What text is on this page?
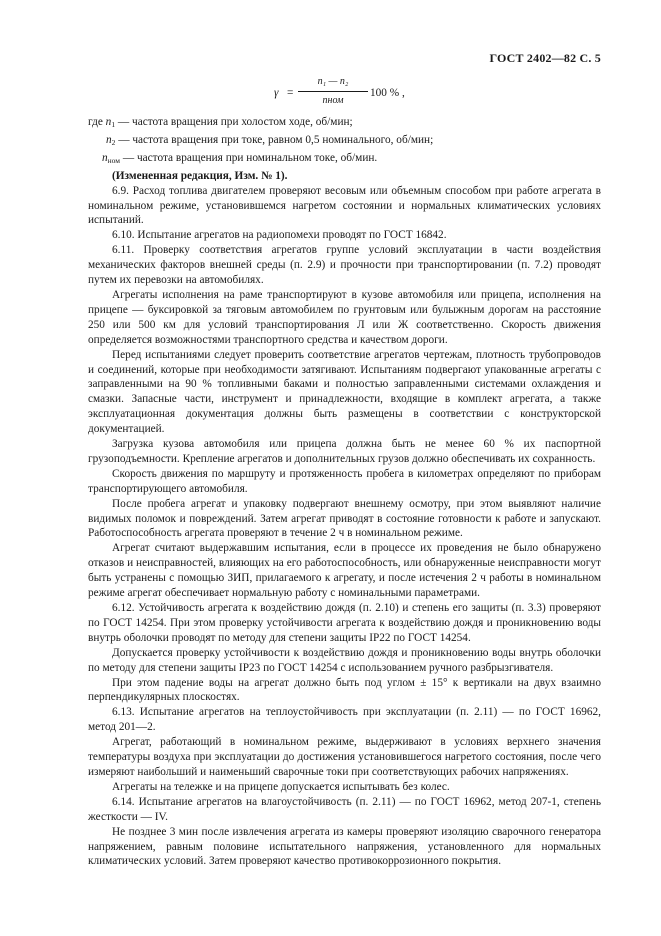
ГОСТ 2402—82 С. 5
γ =
n₁ — n₂
nном
100 % ,
где $n_1$ — частота вращения при холостом ходе, об/мин;
$n_2$ — частота вращения при токе, равном 0,5 номинального, об/мин;
$n_{ном}$ — частота вращения при номинальном токе, об/мин.

(Измененная редакция, Изм. № 1).

6.9. Расход топлива двигателем проверяют весовым или объемным способом при работе агрегата в номинальном режиме, установившемся нагретом состоянии и нормальных климатических условиях испытаний.

6.10. Испытание агрегатов на радиопомехи проводят по ГОСТ 16842.

6.11. Проверку соответствия агрегатов группе условий эксплуатации в части воздействия механических факторов внешней среды (п. 2.9) и прочности при транспортировании (п. 7.2) проводят путем их перевозки на автомобилях.

Агрегаты исполнения на раме транспортируют в кузове автомобиля или прицепа, исполнения на прицепе — буксировкой за тяговым автомобилем по грунтовым или булыжным дорогам на расстояние 250 или 500 км для условий транспортирования Л или Ж соответственно. Скорость движения определяется возможностями транспортного средства и качеством дороги.

Перед испытаниями следует проверить соответствие агрегатов чертежам, плотность трубопроводов и соединений, которые при необходимости затягивают. Испытаниям подвергают упакованные агрегаты с заправленными на 90 % топливными баками и полностью заправленными системами охлаждения и смазки. Запасные части, инструмент и принадлежности, входящие в комплект агрегата, а также эксплуатационная документация должны быть размещены в соответствии с конструкторской документацией.

Загрузка кузова автомобиля или прицепа должна быть не менее 60 % их паспортной грузоподъемности. Крепление агрегатов и дополнительных грузов должно обеспечивать их сохранность.

Скорость движения по маршруту и протяженность пробега в километрах определяют по приборам транспортирующего автомобиля.

После пробега агрегат и упаковку подвергают внешнему осмотру, при этом выявляют наличие видимых поломок и повреждений. Затем агрегат приводят в состояние готовности к работе и запускают. Работоспособность агрегата проверяют в течение 2 ч в номинальном режиме.

Агрегат считают выдержавшим испытания, если в процессе их проведения не было обнаружено отказов и неисправностей, влияющих на его работоспособность, или обнаруженные неисправности могут быть устранены с помощью ЗИП, прилагаемого к агрегату, и после истечения 2 ч работы в номинальном режиме агрегат обеспечивает нормальную работу с номинальными параметрами.

6.12. Устойчивость агрегата к воздействию дождя (п. 2.10) и степень его защиты (п. 3.3) проверяют по ГОСТ 14254. При этом проверку устойчивости агрегата к воздействию дождя и проникновению воды внутрь оболочки проводят по методу для степени защиты IP22 по ГОСТ 14254.

Допускается проверку устойчивости к воздействию дождя и проникновению воды внутрь оболочки по методу для степени защиты IP23 по ГОСТ 14254 с использованием ручного разбрызгивателя.

При этом падение воды на агрегат должно быть под углом ± 15° к вертикали на двух взаимно перпендикулярных плоскостях.

6.13. Испытание агрегатов на теплоустойчивость при эксплуатации (п. 2.11) — по ГОСТ 16962, метод 201—2.

Агрегат, работающий в номинальном режиме, выдерживают в условиях верхнего значения температуры воздуха при эксплуатации до достижения установившегося нагретого состояния, после чего измеряют наибольший и наименьший сварочные токи при соответствующих рабочих напряжениях.

Агрегаты на тележке и на прицепе допускается испытывать без колес.

6.14. Испытание агрегатов на влагоустойчивость (п. 2.11) — по ГОСТ 16962, метод 207-1, степень жесткости — IV.

Не позднее 3 мин после извлечения агрегата из камеры проверяют изоляцию сварочного генератора напряжением, равным половине испытательного напряжения, установленного для нормальных климатических условий. Затем проверяют качество противокоррозионного покрытия.
